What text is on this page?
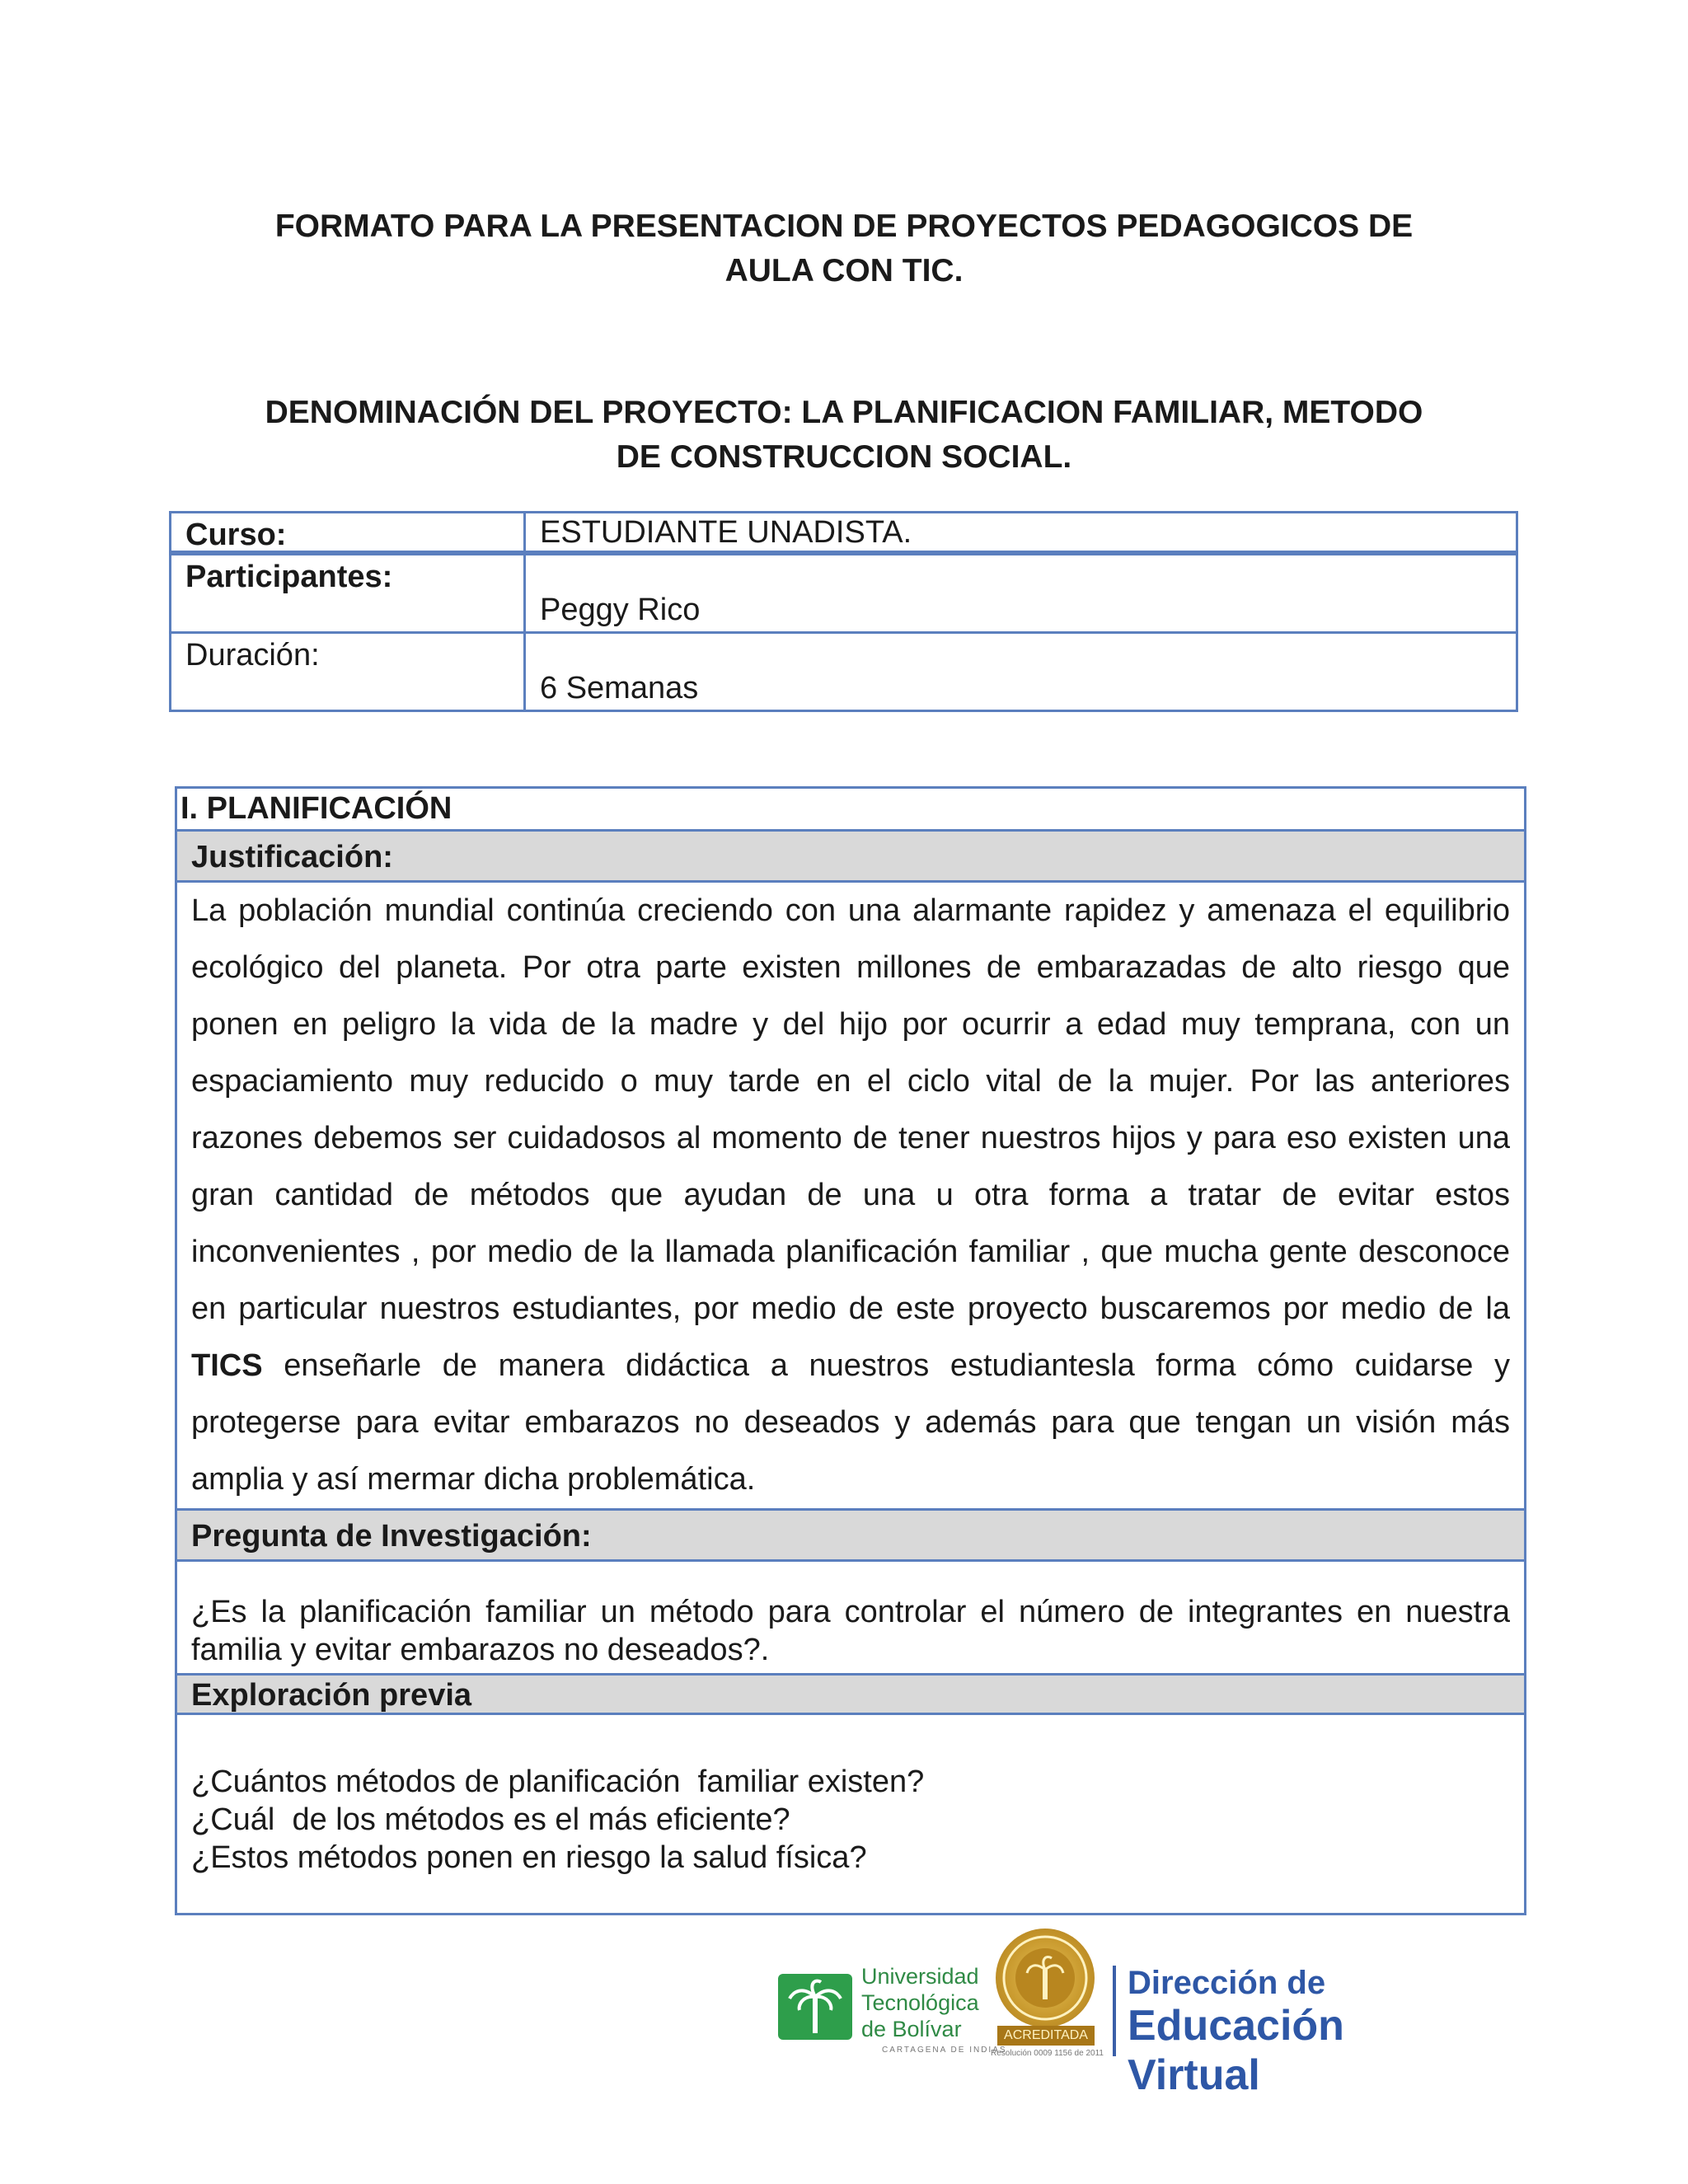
FORMATO PARA LA PRESENTACION DE PROYECTOS PEDAGOGICOS DE
AULA CON TIC.
DENOMINACIÓN DEL PROYECTO: LA PLANIFICACION FAMILIAR, METODO
DE CONSTRUCCION SOCIAL.
Curso:	ESTUDIANTE UNADISTA.
Participantes:
Peggy Rico
Duración:
6 Semanas
I. PLANIFICACIÓN
Justificación:

La población mundial continúa creciendo con una alarmante rapidez y amenaza el equilibrio ecológico del planeta. Por otra parte existen millones de embarazadas de alto riesgo que ponen en peligro la vida de la madre y del hijo por ocurrir a edad muy temprana, con un espaciamiento muy reducido o muy tarde en el ciclo vital de la mujer. Por las anteriores razones debemos ser cuidadosos al momento de tener nuestros hijos y para eso existen una gran cantidad de métodos que ayudan de una u otra forma a tratar de evitar estos inconvenientes , por medio de la llamada planificación familiar , que mucha gente desconoce en particular nuestros estudiantes, por medio de este proyecto buscaremos por medio de la TICS enseñarle de manera didáctica a nuestros estudiantesla forma cómo cuidarse y protegerse para evitar embarazos no deseados y además para que tengan un visión más amplia y así mermar dicha problemática.

Pregunta de Investigación:
¿Es la planificación familiar un método para controlar el número de integrantes en nuestra familia y evitar embarazos no deseados?.
Exploración previa
¿Cuántos métodos de planificación  familiar existen?
¿Cuál  de los métodos es el más eficiente?
¿Estos métodos ponen en riesgo la salud física?
Universidad
Tecnológica
de Bolívar
CARTAGENA DE INDIAS
ACREDITADA
Resolución 0009 1156 de 2011
Dirección de
Educación Virtual
